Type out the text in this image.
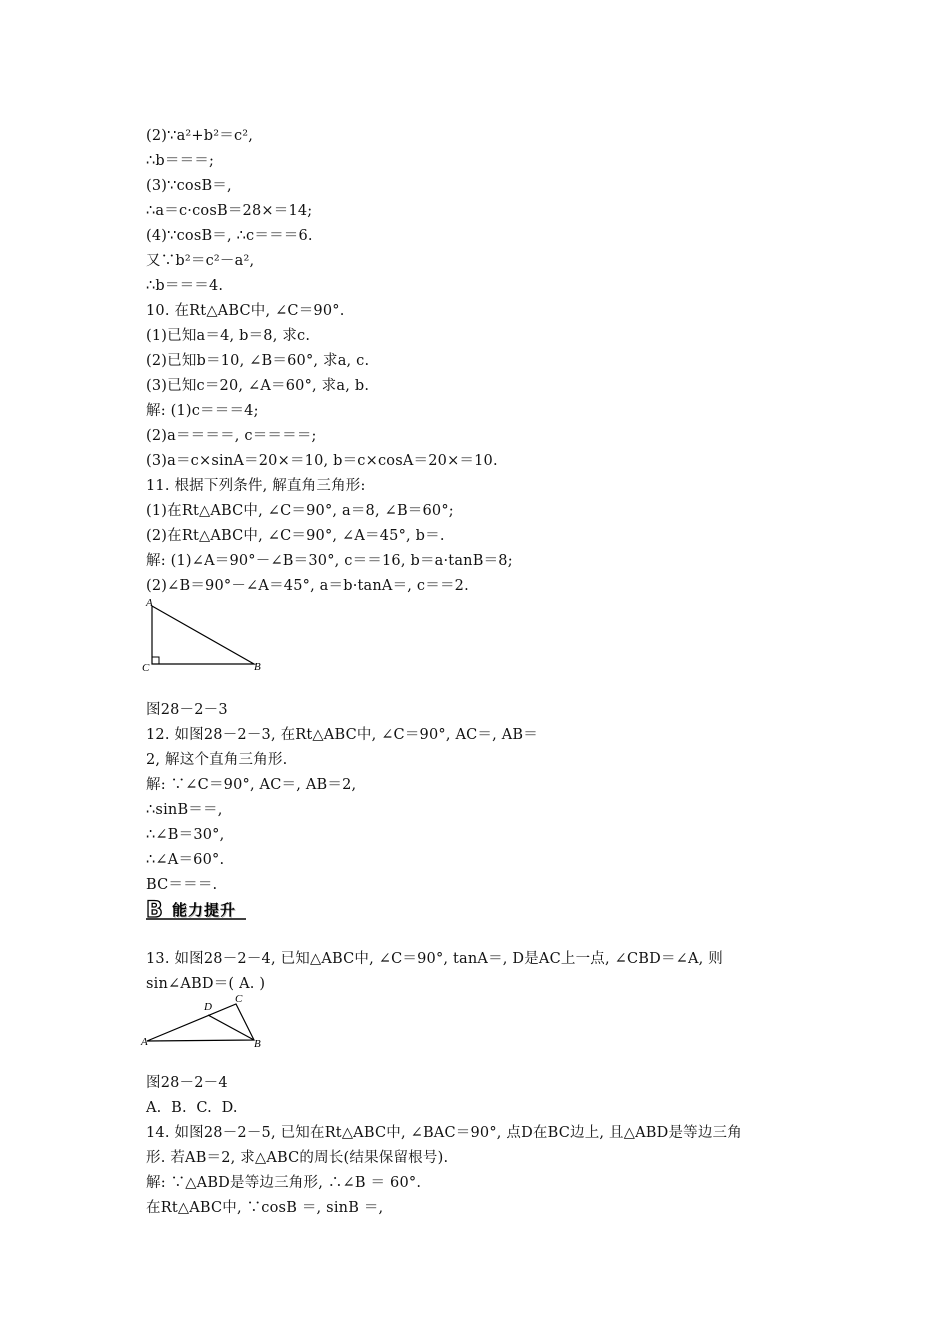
(2)∵a²+b²＝c²,
∴b＝＝＝;
(3)∵cosB＝,
∴a＝c·cosB＝28×＝14;
(4)∵cosB＝, ∴c＝＝＝6.
又∵b²＝c²－a²,
∴b＝＝＝4.
10. 在Rt△ABC中, ∠C＝90°.
(1)已知a＝4, b＝8, 求c.
(2)已知b＝10, ∠B＝60°, 求a, c.
(3)已知c＝20, ∠A＝60°, 求a, b.
解: (1)c＝＝＝4;
(2)a＝＝＝＝, c＝＝＝＝;
(3)a＝c×sinA＝20×＝10, b＝c×cosA＝20×＝10.
11. 根据下列条件, 解直角三角形:
(1)在Rt△ABC中, ∠C＝90°, a＝8, ∠B＝60°;
(2)在Rt△ABC中, ∠C＝90°, ∠A＝45°, b＝.
解: (1)∠A＝90°－∠B＝30°, c＝＝16, b＝a·tanB＝8;
(2)∠B＝90°－∠A＝45°, a＝b·tanA＝, c＝＝2.
A
C	B
图28－2－3
12. 如图28－2－3, 在Rt△ABC中, ∠C＝90°, AC＝, AB＝
2, 解这个直角三角形.
解: ∵∠C＝90°, AC＝, AB＝2,
∴sinB＝＝,
∴∠B＝30°,
∴∠A＝60°.
BC＝＝＝.
B 能力提升
13. 如图28－2－4, 已知△ABC中, ∠C＝90°, tanA＝, D是AC上一点, ∠CBD＝∠A, 则
sin∠ABD＝( A. )
A	B
C
D
图28－2－4
A.  B.  C.  D.
14. 如图28－2－5, 已知在Rt△ABC中, ∠BAC＝90°, 点D在BC边上, 且△ABD是等边三角
形. 若AB＝2, 求△ABC的周长(结果保留根号).
解: ∵△ABD是等边三角形, ∴∠B ＝ 60°.
在Rt△ABC中, ∵cosB ＝, sinB ＝,
